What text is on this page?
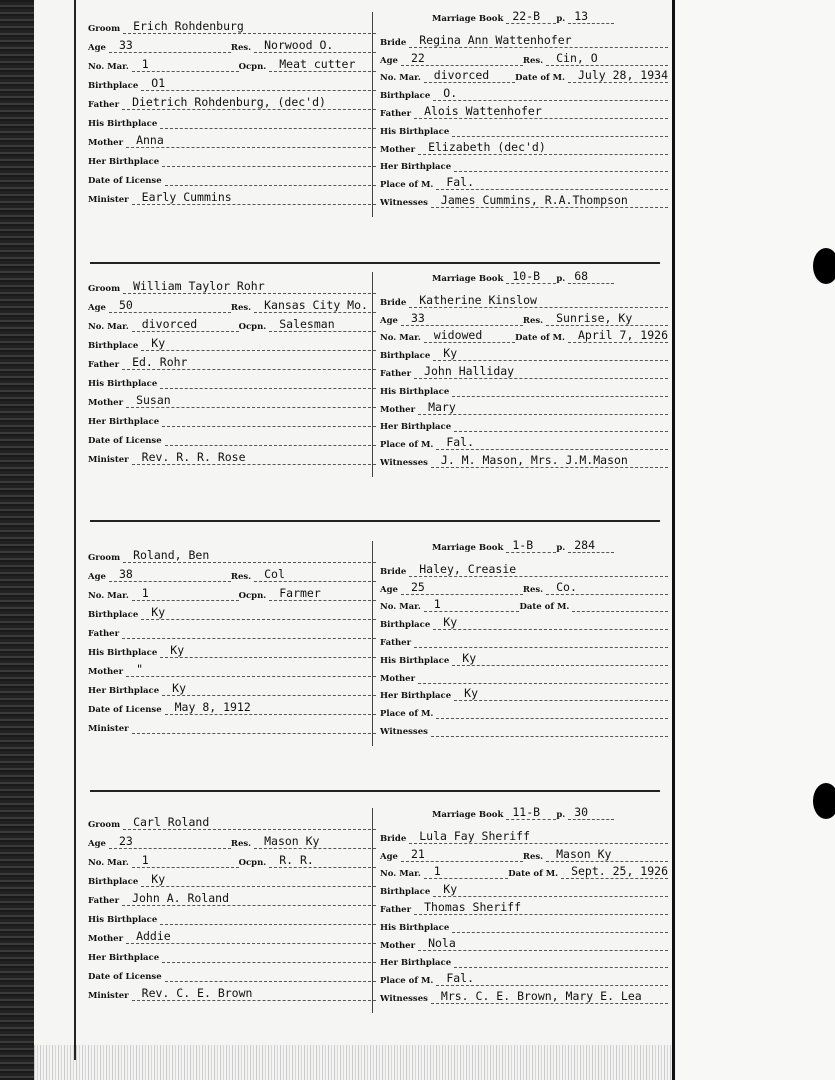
Groom	Erich Rohdenburg
Age	33	Res.	Norwood O.
No. Mar.	1	Ocpn.	Meat cutter
Birthplace	O1
Father	Dietrich Rohdenburg, (dec'd)
His Birthplace
Mother	Anna
Her Birthplace
Date of License
Minister	Early Cummins
Marriage Book 22-B	p. 13
Bride	Regina Ann Wattenhofer
Age	22	Res.	Cin, O
No. Mar.	divorced	Date of M.	July 28, 1934
Birthplace	O.
Father	Alois Wattenhofer
His Birthplace
Mother	Elizabeth (dec'd)
Her Birthplace
Place of M.	Fal.
Witnesses	James Cummins, R.A.Thompson
Groom	William Taylor Rohr
Age	50	Res.	Kansas City Mo.
No. Mar.	divorced	Ocpn.	Salesman
Birthplace	Ky
Father	Ed. Rohr
His Birthplace
Mother	Susan
Her Birthplace
Date of License
Minister	Rev. R. R. Rose
Marriage Book 10-B	p. 68
Bride	Katherine Kinslow
Age	33	Res.	Sunrise, Ky
No. Mar.	widowed	Date of M.	April 7, 1926
Birthplace	Ky
Father	John Halliday
His Birthplace
Mother	Mary
Her Birthplace
Place of M.	Fal.
Witnesses	J. M. Mason, Mrs. J.M.Mason
Groom	Roland, Ben
Age	38	Res.	Col
No. Mar.	1	Ocpn.	Farmer
Birthplace	Ky
Father
His Birthplace	Ky
Mother	"
Her Birthplace	Ky
Date of License	May 8, 1912
Minister
Marriage Book 1-B	p. 284
Bride	Haley, Creasie
Age	25	Res.	Co.
No. Mar.	1	Date of M.
Birthplace	Ky
Father
His Birthplace	Ky
Mother
Her Birthplace	Ky
Place of M.
Witnesses
Groom	Carl Roland
Age	23	Res.	Mason Ky
No. Mar.	1	Ocpn.	R. R.
Birthplace	Ky
Father	John A. Roland
His Birthplace
Mother	Addie
Her Birthplace
Date of License
Minister	Rev. C. E. Brown
Marriage Book 11-B	p. 30
Bride	Lula Fay Sheriff
Age	21	Res.	Mason Ky
No. Mar.	1	Date of M.	Sept. 25, 1926
Birthplace	Ky
Father	Thomas Sheriff
His Birthplace
Mother	Nola
Her Birthplace
Place of M.	Fal.
Witnesses	Mrs. C. E. Brown, Mary E. Lea
